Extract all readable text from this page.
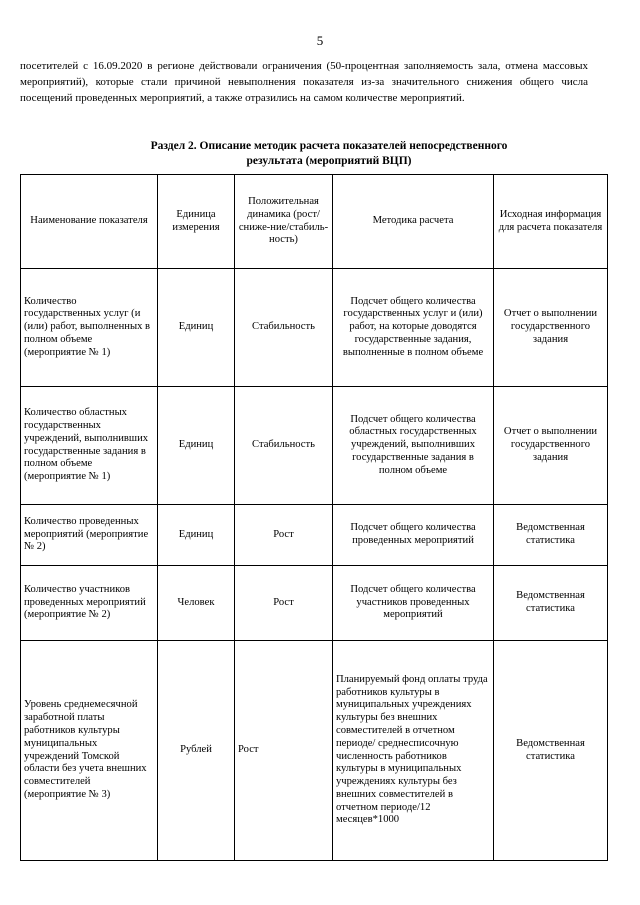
5

посетителей с 16.09.2020 в регионе действовали ограничения (50-процентная заполняемость зала, отмена массовых мероприятий), которые стали причиной невыполнения показателя из-за значительного снижения общего числа посещений проведенных мероприятий, а также отразились на самом количестве мероприятий.

Раздел 2. Описание методик расчета показателей непосредственного
результата (мероприятий ВЦП)
Наименование показателя	Единица измерения	Положительная динамика (рост/сниже-ние/стабиль-ность)	Методика расчета	Исходная информация для расчета показателя
Количество государственных услуг (и (или) работ, выполненных в полном объеме (мероприятие № 1)	Единиц	Стабильность	Подсчет общего количества государственных услуг и (или) работ, на которые доводятся государственные задания, выполненные в полном объеме	Отчет о выполнении государственного задания
Количество областных государственных учреждений, выполнивших государственные задания в полном объеме (мероприятие № 1)	Единиц	Стабильность	Подсчет общего количества областных государственных учреждений, выполнивших государственные задания в полном объеме	Отчет о выполнении государственного задания
Количество проведенных мероприятий (мероприятие № 2)	Единиц	Рост	Подсчет общего количества проведенных мероприятий	Ведомственная статистика
Количество участников проведенных мероприятий (мероприятие № 2)	Человек	Рост	Подсчет общего количества участников проведенных мероприятий	Ведомственная статистика
Уровень среднемесячной заработной платы работников культуры муниципальных учреждений Томской области без учета внешних совместителей (мероприятие № 3)	Рублей	Рост	Планируемый фонд оплаты труда работников культуры в муниципальных учреждениях культуры без внешних совместителей в отчетном периоде/ среднесписочную численность работников культуры в муниципальных учреждениях культуры без внешних совместителей в отчетном периоде/12 месяцев*1000	Ведомственная статистика
